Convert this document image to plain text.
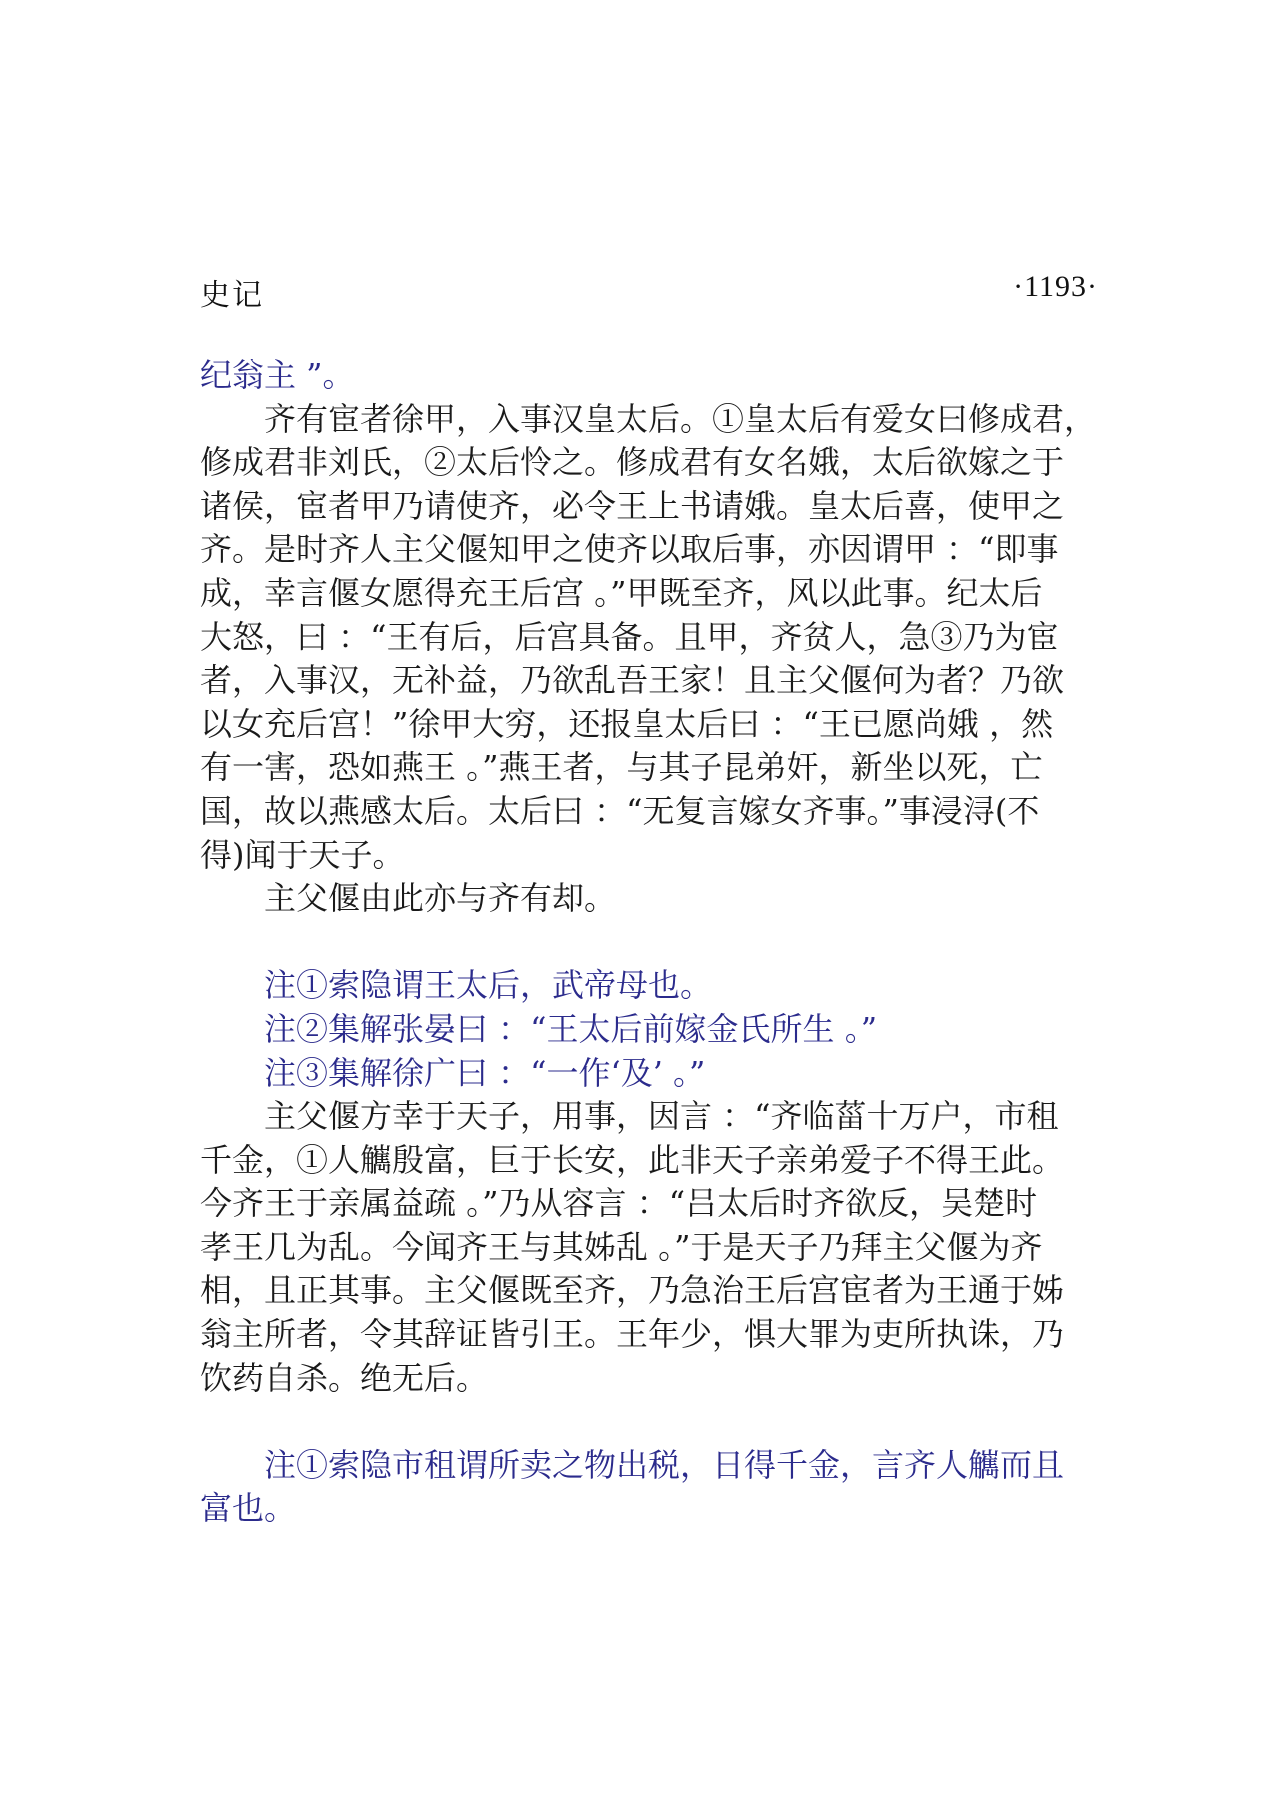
史记	·1193·
纪翁主 ”。
齐有宦者徐甲，入事汉皇太后。①皇太后有爱女曰修成君，
修成君非刘氏，②太后怜之。修成君有女名娥，太后欲嫁之于
诸侯，宦者甲乃请使齐，必令王上书请娥。皇太后喜，使甲之
齐。是时齐人主父偃知甲之使齐以取后事，亦因谓甲 ：“即事
成，幸言偃女愿得充王后宫 。”甲既至齐，风以此事。纪太后
大怒，曰 ：“王有后，后宫具备。且甲，齐贫人，急③乃为宦
者，入事汉，无补益，乃欲乱吾王家！且主父偃何为者？乃欲
以女充后宫！”徐甲大穷，还报皇太后曰 ：“王已愿尚娥 ，然
有一害，恐如燕王 。”燕王者，与其子昆弟奸，新坐以死，亡
国，故以燕感太后。太后曰 ：“无复言嫁女齐事。”事浸浔(不
得)闻于天子。
主父偃由此亦与齐有却。
注①索隐谓王太后，武帝母也。
注②集解张晏曰 ：“王太后前嫁金氏所生 。”
注③集解徐广曰 ：“一作‘及’ 。”
主父偃方幸于天子，用事，因言 ：“齐临菑十万户，市租
千金，①人觽殷富，巨于长安，此非天子亲弟爱子不得王此。
今齐王于亲属益疏 。”乃从容言 ：“吕太后时齐欲反，吴楚时
孝王几为乱。今闻齐王与其姊乱 。”于是天子乃拜主父偃为齐
相，且正其事。主父偃既至齐，乃急治王后宫宦者为王通于姊
翁主所者，令其辞证皆引王。王年少，惧大罪为吏所执诛，乃
饮药自杀。绝无后。
注①索隐市租谓所卖之物出税，日得千金，言齐人觽而且
富也。
